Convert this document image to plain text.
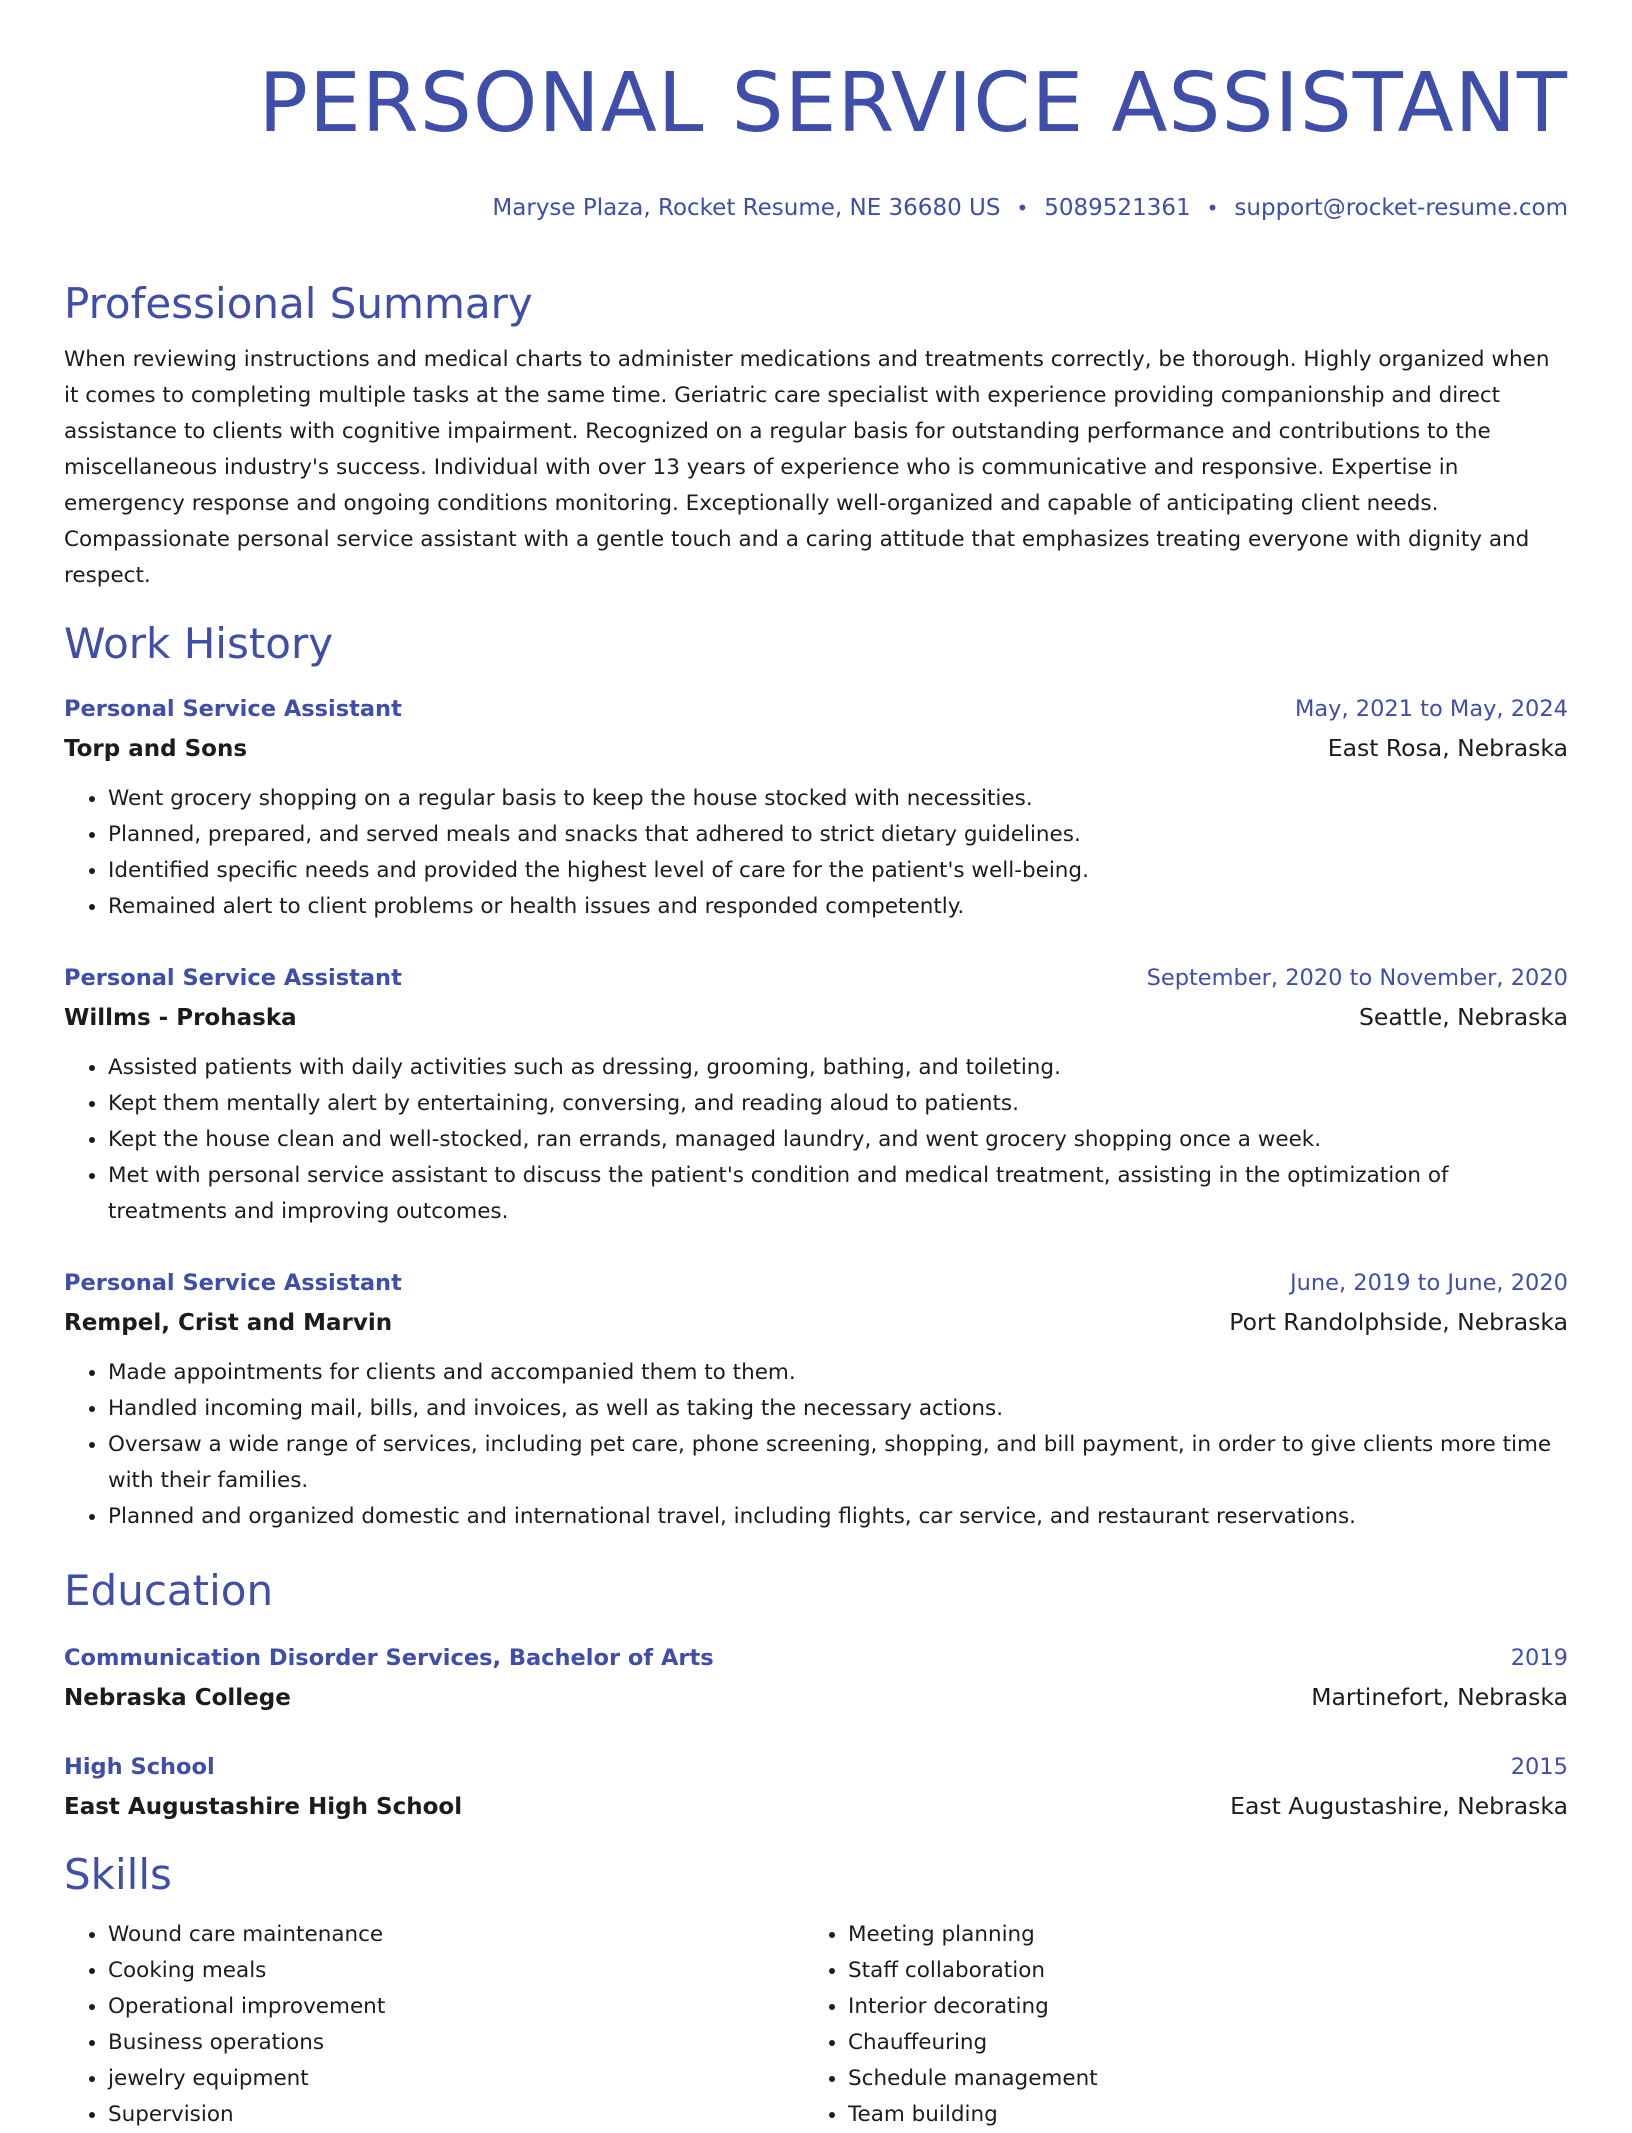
PERSONAL SERVICE ASSISTANT
Maryse Plaza, Rocket Resume, NE 36680 US • 5089521361 • support@rocket-resume.com
Professional Summary
When reviewing instructions and medical charts to administer medications and treatments correctly, be thorough. Highly organized when it comes to completing multiple tasks at the same time. Geriatric care specialist with experience providing companionship and direct assistance to clients with cognitive impairment. Recognized on a regular basis for outstanding performance and contributions to the miscellaneous industry's success. Individual with over 13 years of experience who is communicative and responsive. Expertise in emergency response and ongoing conditions monitoring. Exceptionally well-organized and capable of anticipating client needs. Compassionate personal service assistant with a gentle touch and a caring attitude that emphasizes treating everyone with dignity and respect.
Work History
Personal Service Assistant	May, 2021 to May, 2024
Torp and Sons	East Rosa, Nebraska
• Went grocery shopping on a regular basis to keep the house stocked with necessities.
• Planned, prepared, and served meals and snacks that adhered to strict dietary guidelines.
• Identified specific needs and provided the highest level of care for the patient's well-being.
• Remained alert to client problems or health issues and responded competently.
Personal Service Assistant	September, 2020 to November, 2020
Willms - Prohaska	Seattle, Nebraska
• Assisted patients with daily activities such as dressing, grooming, bathing, and toileting.
• Kept them mentally alert by entertaining, conversing, and reading aloud to patients.
• Kept the house clean and well-stocked, ran errands, managed laundry, and went grocery shopping once a week.
• Met with personal service assistant to discuss the patient's condition and medical treatment, assisting in the optimization of treatments and improving outcomes.
Personal Service Assistant	June, 2019 to June, 2020
Rempel, Crist and Marvin	Port Randolphside, Nebraska
• Made appointments for clients and accompanied them to them.
• Handled incoming mail, bills, and invoices, as well as taking the necessary actions.
• Oversaw a wide range of services, including pet care, phone screening, shopping, and bill payment, in order to give clients more time with their families.
• Planned and organized domestic and international travel, including flights, car service, and restaurant reservations.
Education
Communication Disorder Services, Bachelor of Arts	2019
Nebraska College	Martinefort, Nebraska
High School	2015
East Augustashire High School	East Augustashire, Nebraska
Skills
• Wound care maintenance
• Cooking meals
• Operational improvement
• Business operations
• jewelry equipment
• Supervision
• Meeting planning
• Staff collaboration
• Interior decorating
• Chauffeuring
• Schedule management
• Team building
